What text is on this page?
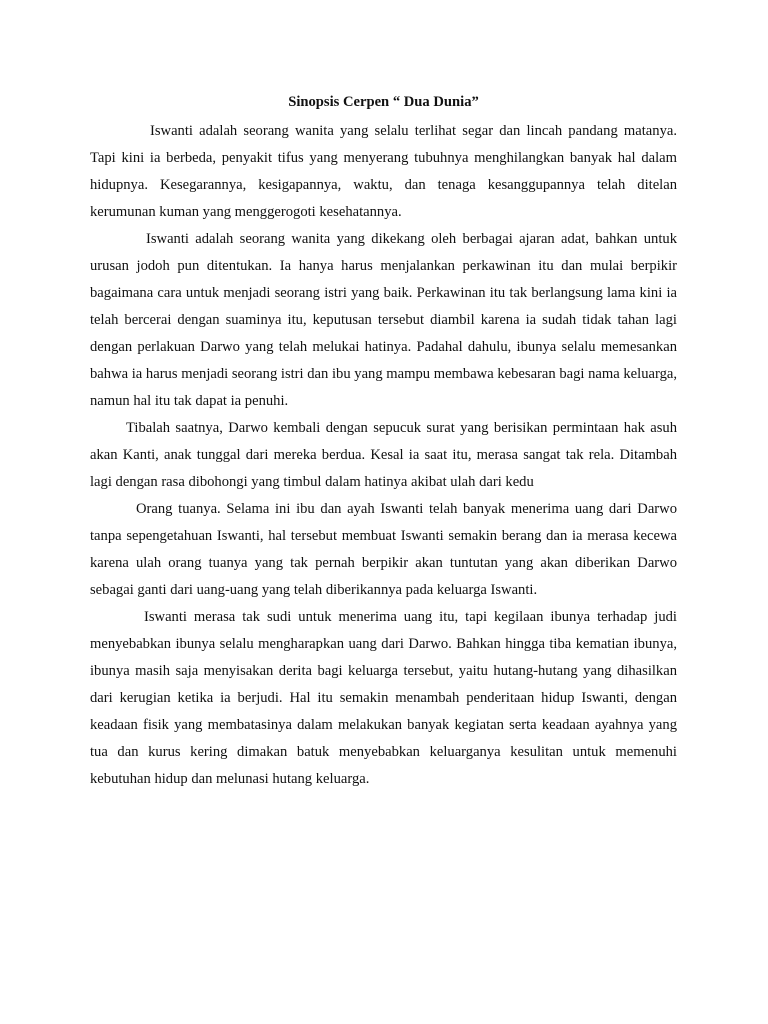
Sinopsis Cerpen “ Dua Dunia”

Iswanti adalah seorang wanita yang selalu terlihat segar dan lincah pandang matanya. Tapi kini ia berbeda, penyakit tifus yang menyerang tubuhnya menghilangkan banyak hal dalam hidupnya. Kesegarannya, kesigapannya, waktu, dan tenaga kesanggupannya telah ditelan kerumunan kuman yang menggerogoti kesehatannya.

Iswanti adalah seorang wanita yang dikekang oleh berbagai ajaran adat, bahkan untuk urusan jodoh pun ditentukan. Ia hanya harus menjalankan perkawinan itu dan mulai berpikir bagaimana cara untuk menjadi seorang istri yang baik. Perkawinan itu tak berlangsung lama kini ia telah bercerai dengan suaminya itu, keputusan tersebut diambil karena ia sudah tidak tahan lagi dengan perlakuan Darwo yang telah melukai hatinya. Padahal dahulu, ibunya selalu memesankan bahwa ia harus menjadi seorang istri dan ibu yang mampu membawa kebesaran bagi nama keluarga, namun hal itu tak dapat ia penuhi.

Tibalah saatnya, Darwo kembali dengan sepucuk surat yang berisikan permintaan hak asuh akan Kanti, anak tunggal dari mereka berdua. Kesal ia saat itu, merasa sangat tak rela. Ditambah lagi dengan rasa dibohongi yang timbul dalam hatinya akibat ulah dari kedu

Orang tuanya. Selama ini ibu dan ayah Iswanti telah banyak menerima uang dari Darwo tanpa sepengetahuan Iswanti, hal tersebut membuat Iswanti semakin berang dan ia merasa kecewa karena ulah orang tuanya yang tak pernah berpikir akan tuntutan yang akan diberikan Darwo sebagai ganti dari uang-uang yang telah diberikannya pada keluarga Iswanti.

Iswanti merasa tak sudi untuk menerima uang itu, tapi kegilaan ibunya terhadap judi menyebabkan ibunya selalu mengharapkan uang dari Darwo. Bahkan hingga tiba kematian ibunya, ibunya masih saja menyisakan derita bagi keluarga tersebut, yaitu hutang-hutang yang dihasilkan dari kerugian ketika ia berjudi. Hal itu semakin menambah penderitaan hidup Iswanti, dengan keadaan fisik yang membatasinya dalam melakukan banyak kegiatan serta keadaan ayahnya yang tua dan kurus kering dimakan batuk menyebabkan keluarganya kesulitan untuk memenuhi kebutuhan hidup dan melunasi hutang keluarga.
